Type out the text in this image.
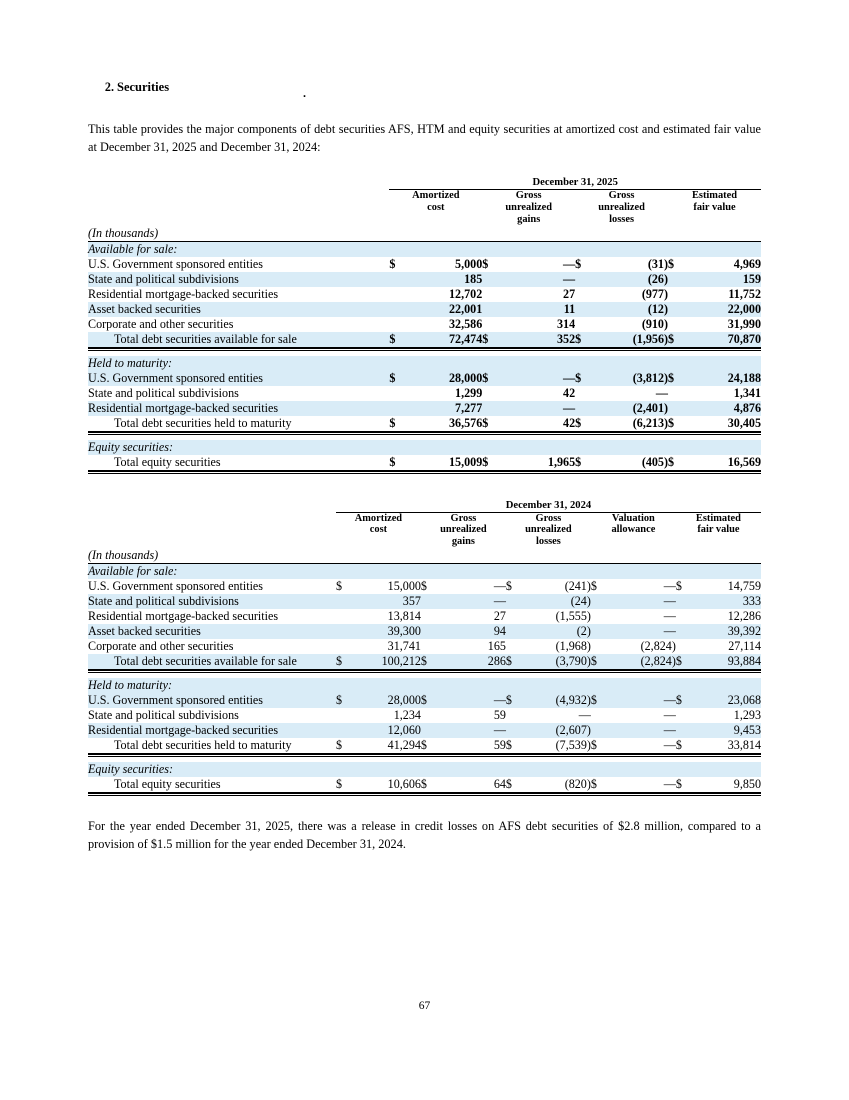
2. Securities	.
This table provides the major components of debt securities AFS, HTM and equity securities at amortized cost and estimated fair value at December 31, 2025 and December 31, 2024:
	December 31, 2025							

	Amortized		Gross		Gross		Estimated	
	cost		unrealized		unrealized		fair value	
			gains		losses			
(In thousands)								
Available for sale:								
U.S. Government sponsored entities	$	5,000	$	—	$	(31)	$	4,969
State and political subdivisions		185		—		(26)		159
Residential mortgage-backed securities		12,702		27		(977)		11,752
Asset backed securities		22,001		11		(12)		22,000
Corporate and other securities		32,586		314		(910)		31,990
Total debt securities available for sale	$	72,474	$	352	$	(1,956)	$	70,870

Held to maturity:								
U.S. Government sponsored entities	$	28,000	$	—	$	(3,812)	$	24,188
State and political subdivisions		1,299		42		—		1,341
Residential mortgage-backed securities		7,277		—		(2,401)		4,876
Total debt securities held to maturity	$	36,576	$	42	$	(6,213)	$	30,405

Equity securities:								
Total equity securities	$	15,009	$	1,965	$	(405)	$	16,569

	December 31, 2024									

	Amortized		Gross		Gross		Valuation		Estimated	
	cost		unrealized		unrealized		allowance		fair value	
			gains		losses					
(In thousands)										
Available for sale:										
U.S. Government sponsored entities	$	15,000	$	—	$	(241)	$	—	$	14,759
State and political subdivisions		357		—		(24)		—		333
Residential mortgage-backed securities		13,814		27		(1,555)		—		12,286
Asset backed securities		39,300		94		(2)		—		39,392
Corporate and other securities		31,741		165		(1,968)		(2,824)		27,114
Total debt securities available for sale	$	100,212	$	286	$	(3,790)	$	(2,824)	$	93,884

Held to maturity:										
U.S. Government sponsored entities	$	28,000	$	—	$	(4,932)	$	—	$	23,068
State and political subdivisions		1,234		59		—		—		1,293
Residential mortgage-backed securities		12,060		—		(2,607)		—		9,453
Total debt securities held to maturity	$	41,294	$	59	$	(7,539)	$	—	$	33,814

Equity securities:										
Total equity securities	$	10,606	$	64	$	(820)	$	—	$	9,850

For the year ended December 31, 2025, there was a release in credit losses on AFS debt securities of $2.8 million, compared to a provision of $1.5 million for the year ended December 31, 2024.
67
